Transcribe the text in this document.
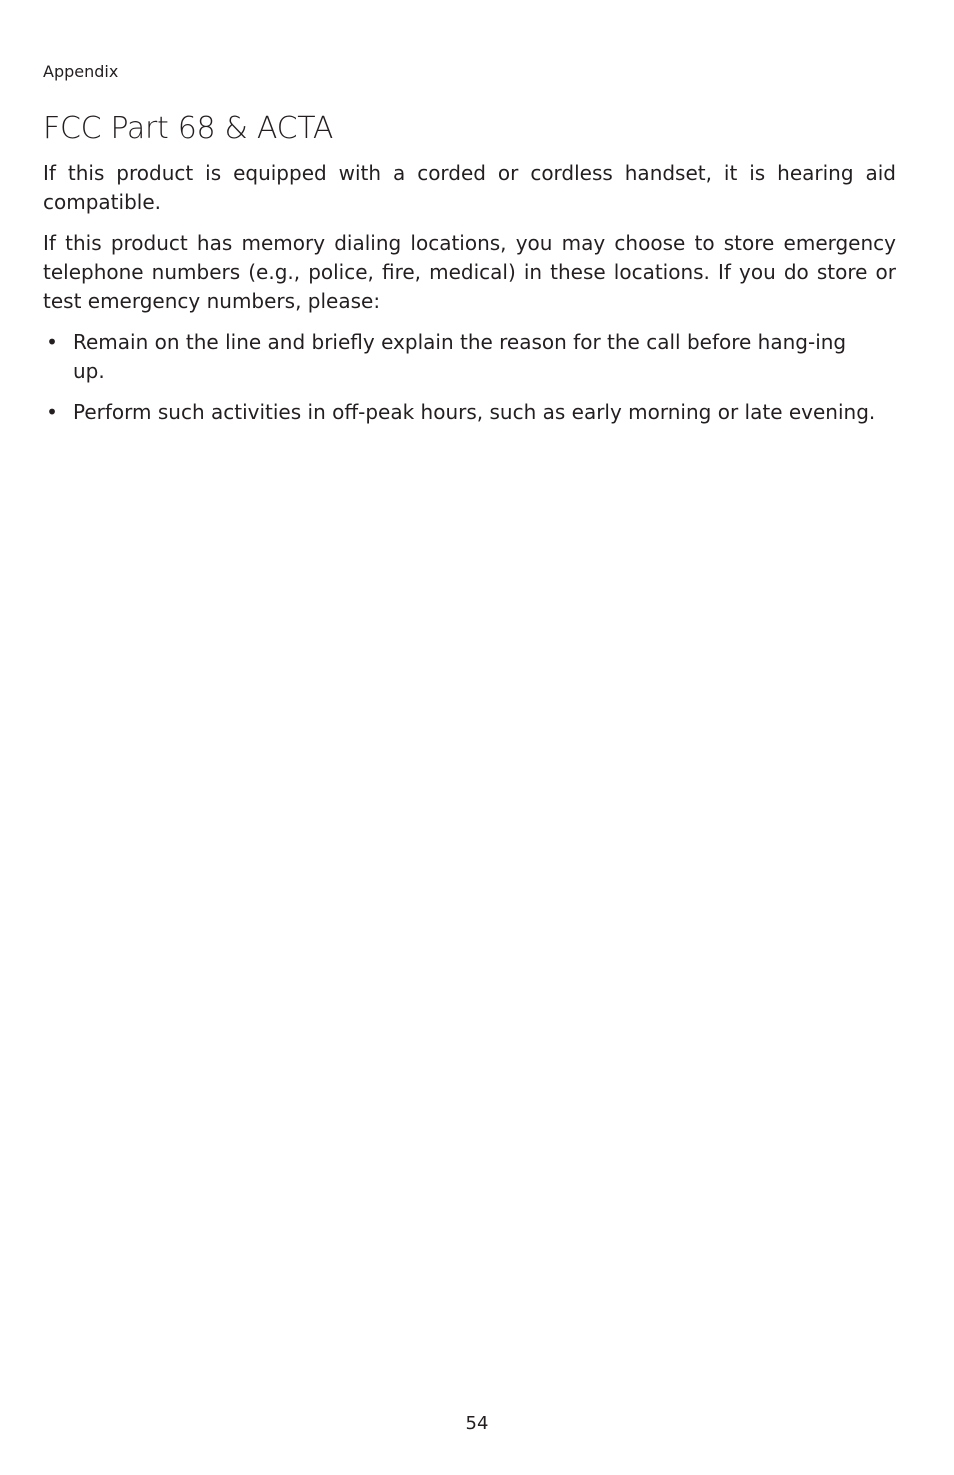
Appendix
FCC Part 68 & ACTA

If this product is equipped with a corded or cordless handset, it is hearing aid compatible.

If this product has memory dialing locations, you may choose to store emergency telephone numbers (e.g., police, fire, medical) in these locations. If you do store or test emergency numbers, please:

• Remain on the line and briefly explain the reason for the call before hang-ing up.
• Perform such activities in off-peak hours, such as early morning or late evening.
54
